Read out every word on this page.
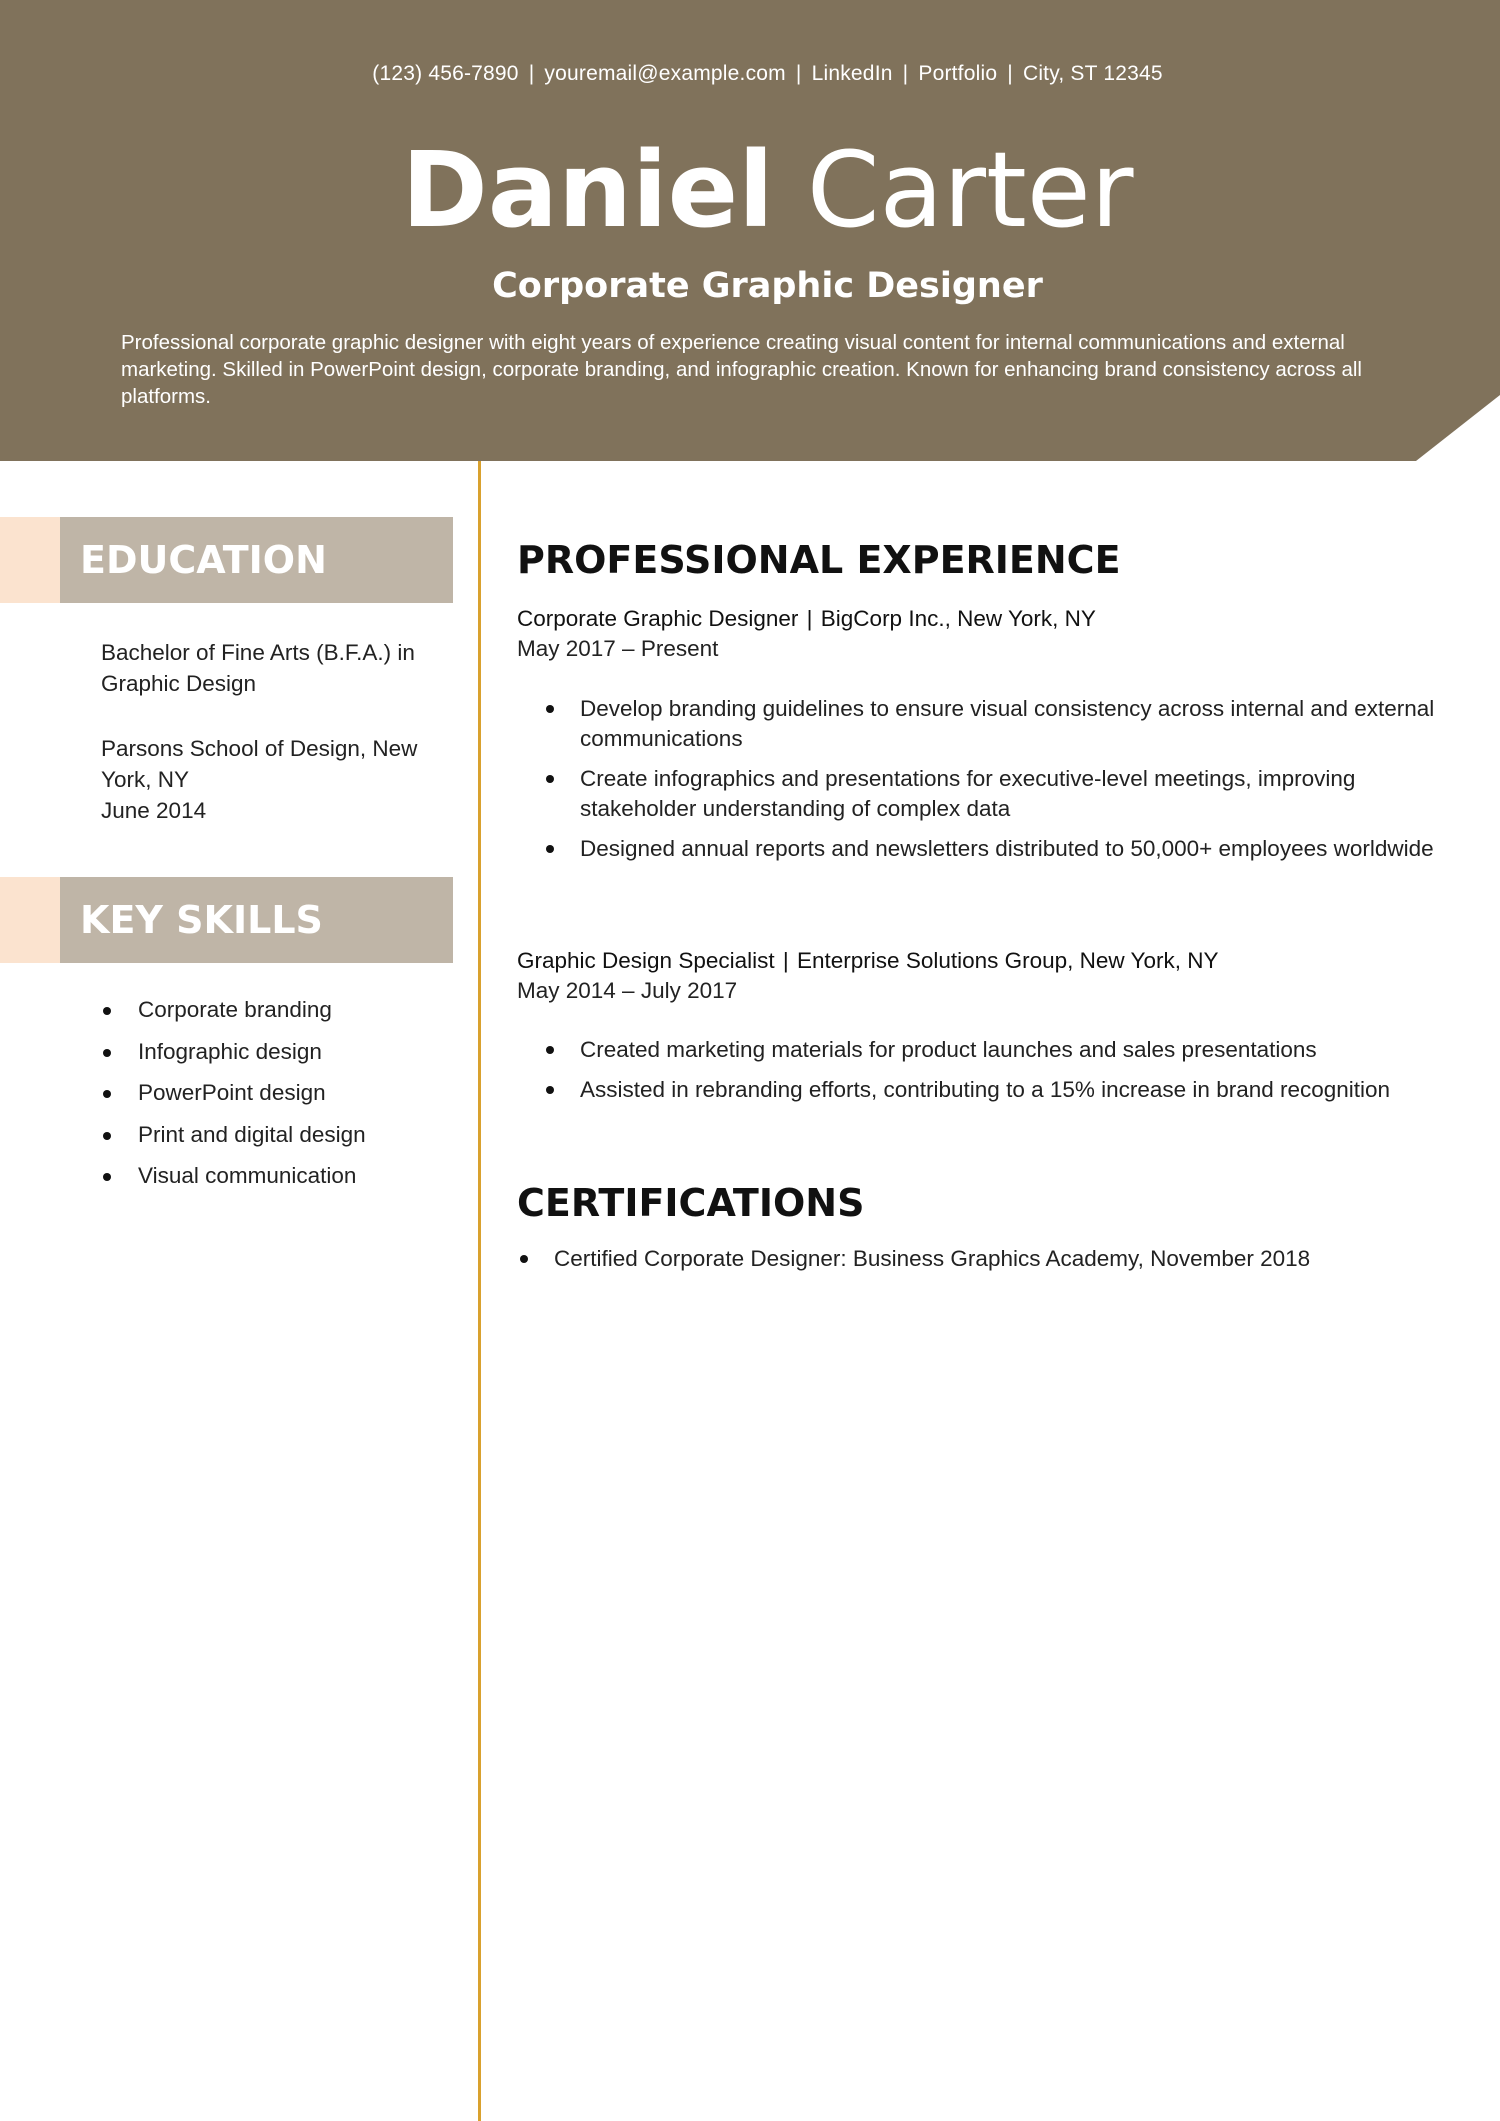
(123) 456-7890 | youremail@example.com | LinkedIn | Portfolio | City, ST 12345
Daniel Carter
Corporate Graphic Designer
Professional corporate graphic designer with eight years of experience creating visual content for internal communications and external marketing. Skilled in PowerPoint design, corporate branding, and infographic creation. Known for enhancing brand consistency across all platforms.
EDUCATION
Bachelor of Fine Arts (B.F.A.) in Graphic Design
Parsons School of Design, New York, NY
June 2014
KEY SKILLS
Corporate branding
Infographic design
PowerPoint design
Print and digital design
Visual communication
PROFESSIONAL EXPERIENCE
Corporate Graphic Designer | BigCorp Inc., New York, NY
May 2017 – Present
Develop branding guidelines to ensure visual consistency across internal and external communications
Create infographics and presentations for executive-level meetings, improving stakeholder understanding of complex data
Designed annual reports and newsletters distributed to 50,000+ employees worldwide
Graphic Design Specialist | Enterprise Solutions Group, New York, NY
May 2014 – July 2017
Created marketing materials for product launches and sales presentations
Assisted in rebranding efforts, contributing to a 15% increase in brand recognition
CERTIFICATIONS
Certified Corporate Designer: Business Graphics Academy, November 2018
